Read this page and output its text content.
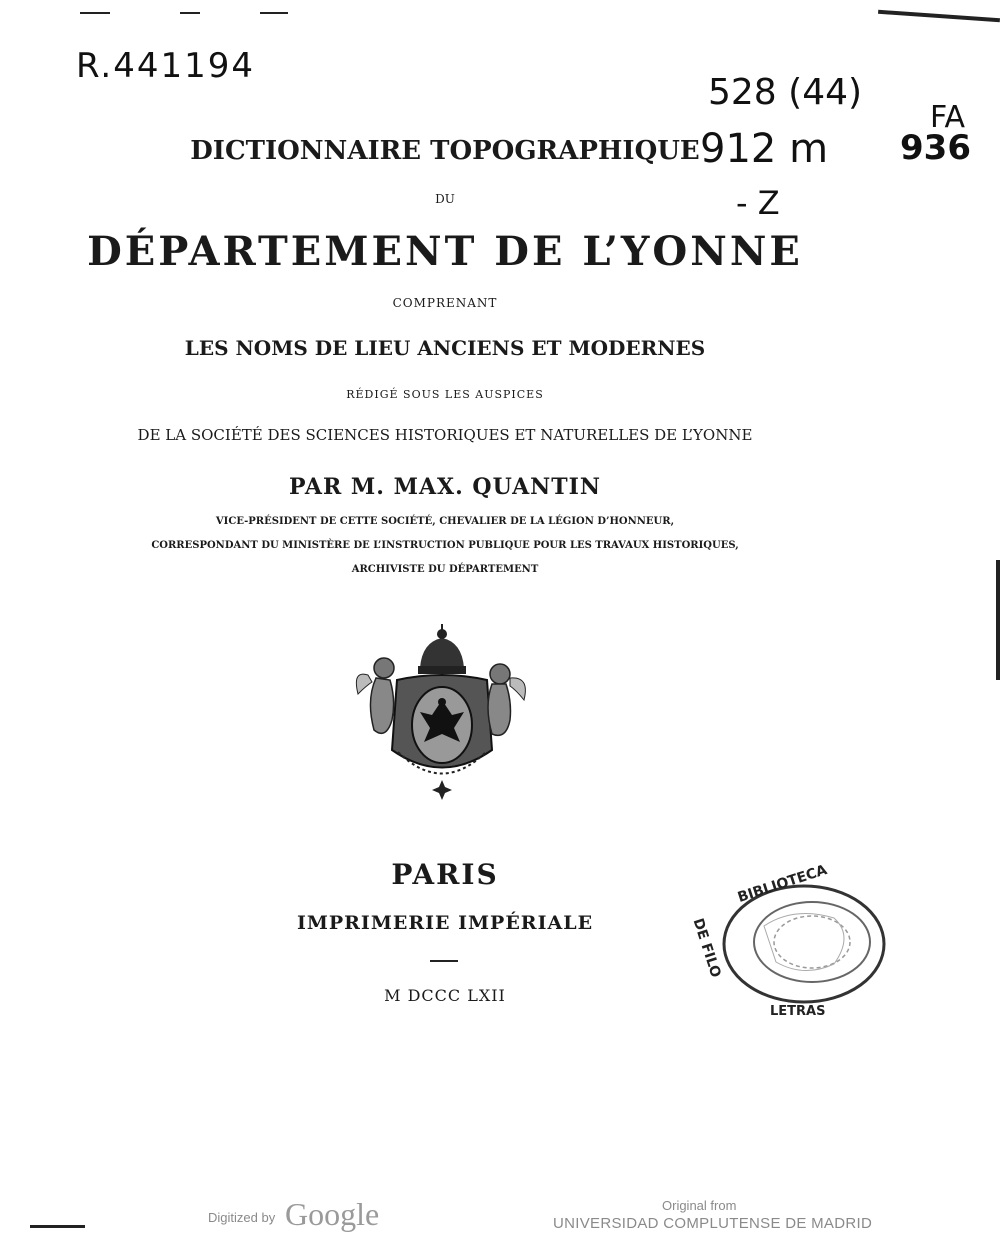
R.441194
528 (44)
912 m
- Z
FA
936
DICTIONNAIRE TOPOGRAPHIQUE
DU
DÉPARTEMENT DE L’YONNE
COMPRENANT
LES NOMS DE LIEU ANCIENS ET MODERNES
RÉDIGÉ SOUS LES AUSPICES
DE LA SOCIÉTÉ DES SCIENCES HISTORIQUES ET NATURELLES DE L’YONNE
PAR M. MAX. QUANTIN
VICE-PRÉSIDENT DE CETTE SOCIÉTÉ, CHEVALIER DE LA LÉGION D’HONNEUR,
CORRESPONDANT DU MINISTÈRE DE L’INSTRUCTION PUBLIQUE POUR LES TRAVAUX HISTORIQUES,
ARCHIVISTE DU DÉPARTEMENT
PARIS
IMPRIMERIE IMPÉRIALE
M DCCC LXII
BIBLIOTECA
DE FILO
LETRAS
Digitized by Google	Original from
UNIVERSIDAD COMPLUTENSE DE MADRID
